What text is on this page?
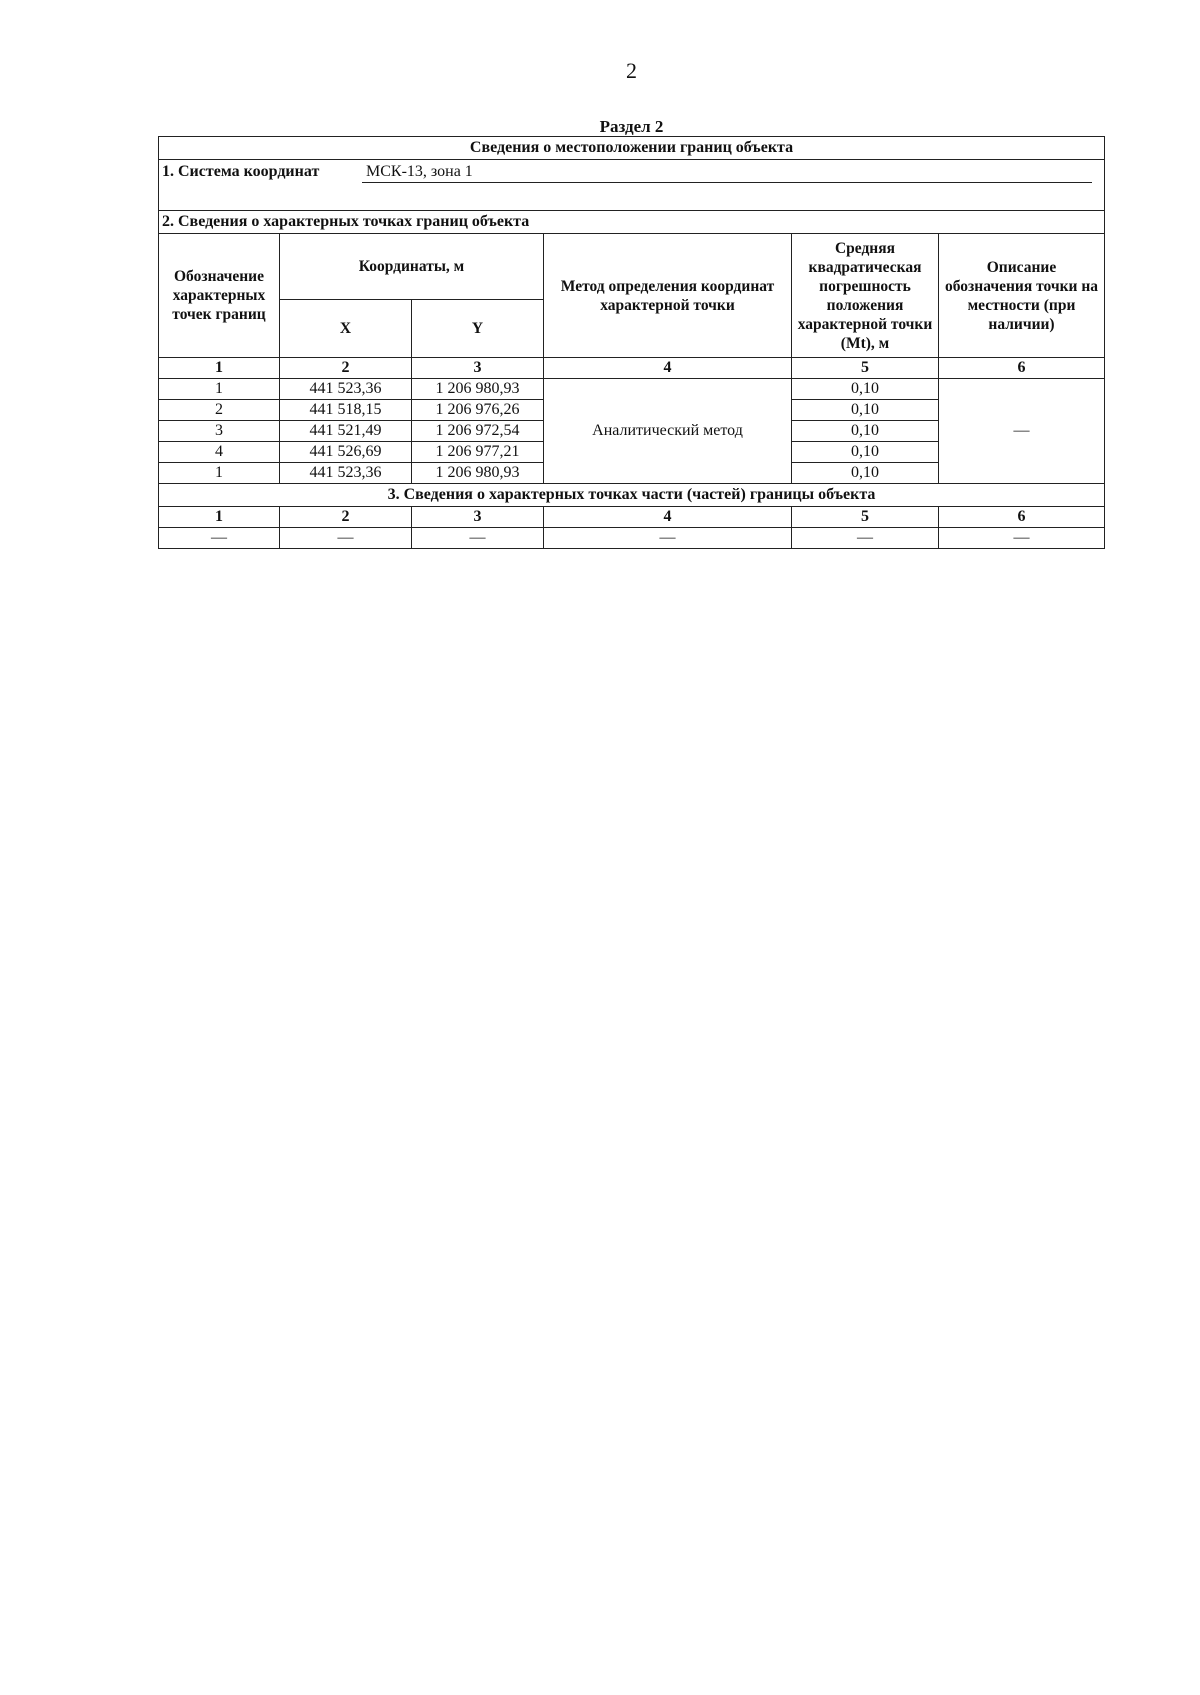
2
Раздел 2
Сведения о местоположении границ объекта					
1. Система координат МСК-13, зона 1					
2. Сведения о характерных точках границ объекта					
Обозначение характерных точек границ	Координаты, м		Метод определения координат характерной точки	Средняя квадратическая погрешность положения характерной точки (Mt), м	Описание обозначения точки на местности (при наличии)
	X	Y			
1	2	3	4	5	6
1	441 523,36	1 206 980,93	Аналитический метод	0,10	—
2	441 518,15	1 206 976,26		0,10	
3	441 521,49	1 206 972,54		0,10	
4	441 526,69	1 206 977,21		0,10	
1	441 523,36	1 206 980,93		0,10	
3. Сведения о характерных точках части (частей) границы объекта					
1	2	3	4	5	6
—	—	—	—	—	—
